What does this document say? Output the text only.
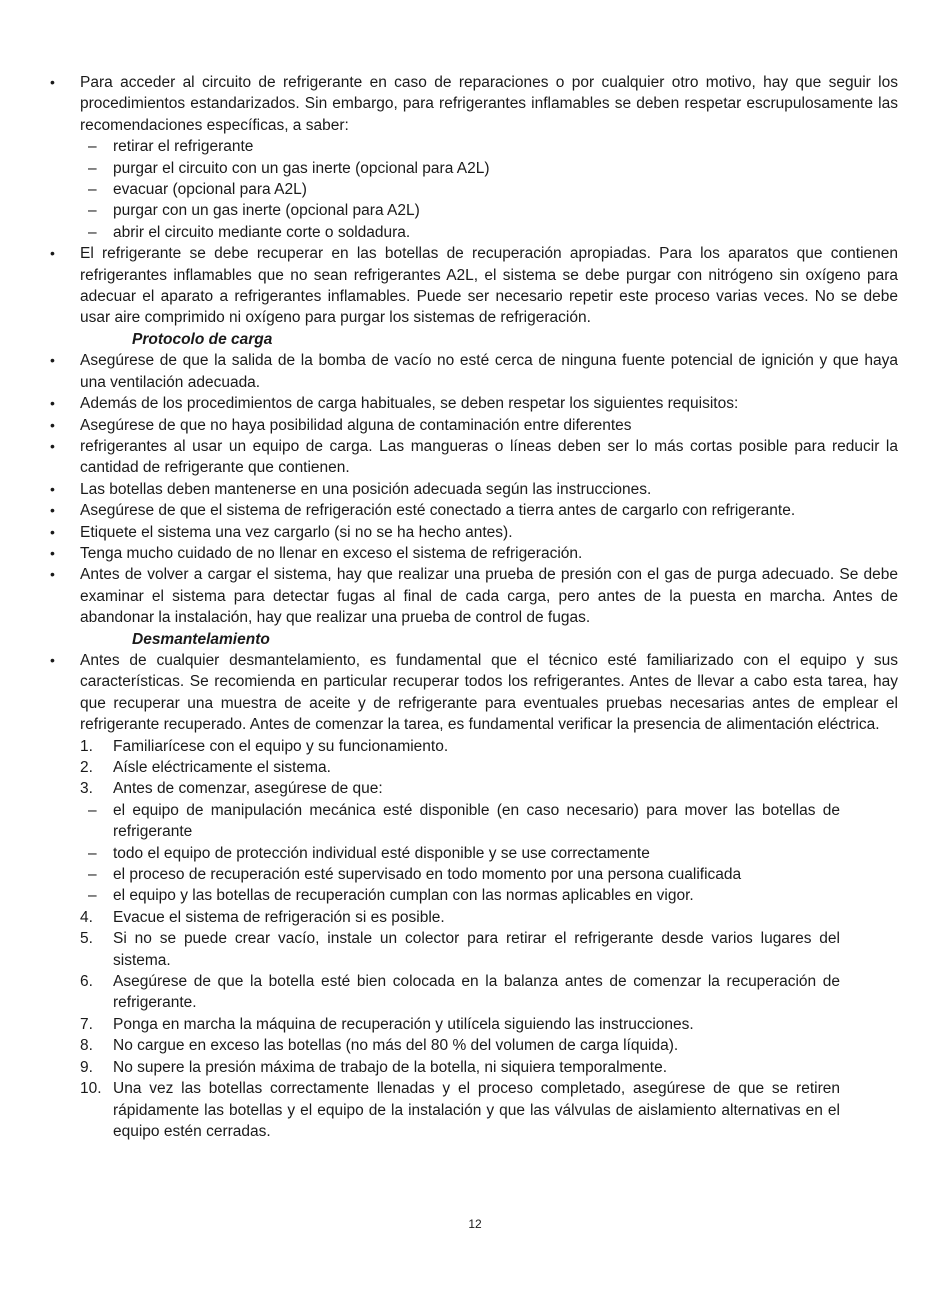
•
Para acceder al circuito de refrigerante en caso de reparaciones o por cualquier otro motivo, hay que seguir los procedimientos estandarizados. Sin embargo, para refrigerantes inflamables se deben respetar escrupulosamente las recomendaciones específicas, a saber:
–	retirar el refrigerante
–	purgar el circuito con un gas inerte (opcional para A2L)
–	evacuar (opcional para A2L)
–	purgar con un gas inerte (opcional para A2L)
–	abrir el circuito mediante corte o soldadura.
•
El refrigerante se debe recuperar en las botellas de recuperación apropiadas. Para los aparatos que contienen refrigerantes inflamables que no sean refrigerantes A2L, el sistema se debe purgar con nitrógeno sin oxígeno para adecuar el aparato a refrigerantes inflamables. Puede ser necesario repetir este proceso varias veces. No se debe usar aire comprimido ni oxígeno para purgar los sistemas de refrigeración.
Protocolo de carga
•
Asegúrese de que la salida de la bomba de vacío no esté cerca de ninguna fuente potencial de ignición y que haya una ventilación adecuada.
•
Además de los procedimientos de carga habituales, se deben respetar los siguientes requisitos:
•
Asegúrese de que no haya posibilidad alguna de contaminación entre diferentes
•
refrigerantes al usar un equipo de carga. Las mangueras o líneas deben ser lo más cortas posible para reducir la cantidad de refrigerante que contienen.
•
Las botellas deben mantenerse en una posición adecuada según las instrucciones.
•
Asegúrese de que el sistema de refrigeración esté conectado a tierra antes de cargarlo con refrigerante.
•
Etiquete el sistema una vez cargarlo (si no se ha hecho antes).
•
Tenga mucho cuidado de no llenar en exceso el sistema de refrigeración.
•
Antes de volver a cargar el sistema, hay que realizar una prueba de presión con el gas de purga adecuado. Se debe examinar el sistema para detectar fugas al final de cada carga, pero antes de la puesta en marcha. Antes de abandonar la instalación, hay que realizar una prueba de control de fugas.
Desmantelamiento
•
Antes de cualquier desmantelamiento, es fundamental que el técnico esté familiarizado con el equipo y sus características. Se recomienda en particular recuperar todos los refrigerantes. Antes de llevar a cabo esta tarea, hay que recuperar una muestra de aceite y de refrigerante para eventuales pruebas necesarias antes de emplear el refrigerante recuperado. Antes de comenzar la tarea, es fundamental verificar la presencia de alimentación eléctrica.
1.	Familiarícese con el equipo y su funcionamiento.
2.	Aísle eléctricamente el sistema.
3.	Antes de comenzar, asegúrese de que:
–	el equipo de manipulación mecánica esté disponible (en caso necesario) para mover las botellas de refrigerante
–	todo el equipo de protección individual esté disponible y se use correctamente
–	el proceso de recuperación esté supervisado en todo momento por una persona cualificada
–	el equipo y las botellas de recuperación cumplan con las normas aplicables en vigor.
4.	Evacue el sistema de refrigeración si es posible.
5.	Si no se puede crear vacío, instale un colector para retirar el refrigerante desde varios lugares del sistema.
6.	Asegúrese de que la botella esté bien colocada en la balanza antes de comenzar la recuperación de refrigerante.
7.	Ponga en marcha la máquina de recuperación y utilícela siguiendo las instrucciones.
8.	No cargue en exceso las botellas (no más del 80 % del volumen de carga líquida).
9.	No supere la presión máxima de trabajo de la botella, ni siquiera temporalmente.
10. Una vez las botellas correctamente llenadas y el proceso completado, asegúrese de que se retiren rápidamente las botellas y el equipo de la instalación y que las válvulas de aislamiento alternativas en el equipo estén cerradas.
12
